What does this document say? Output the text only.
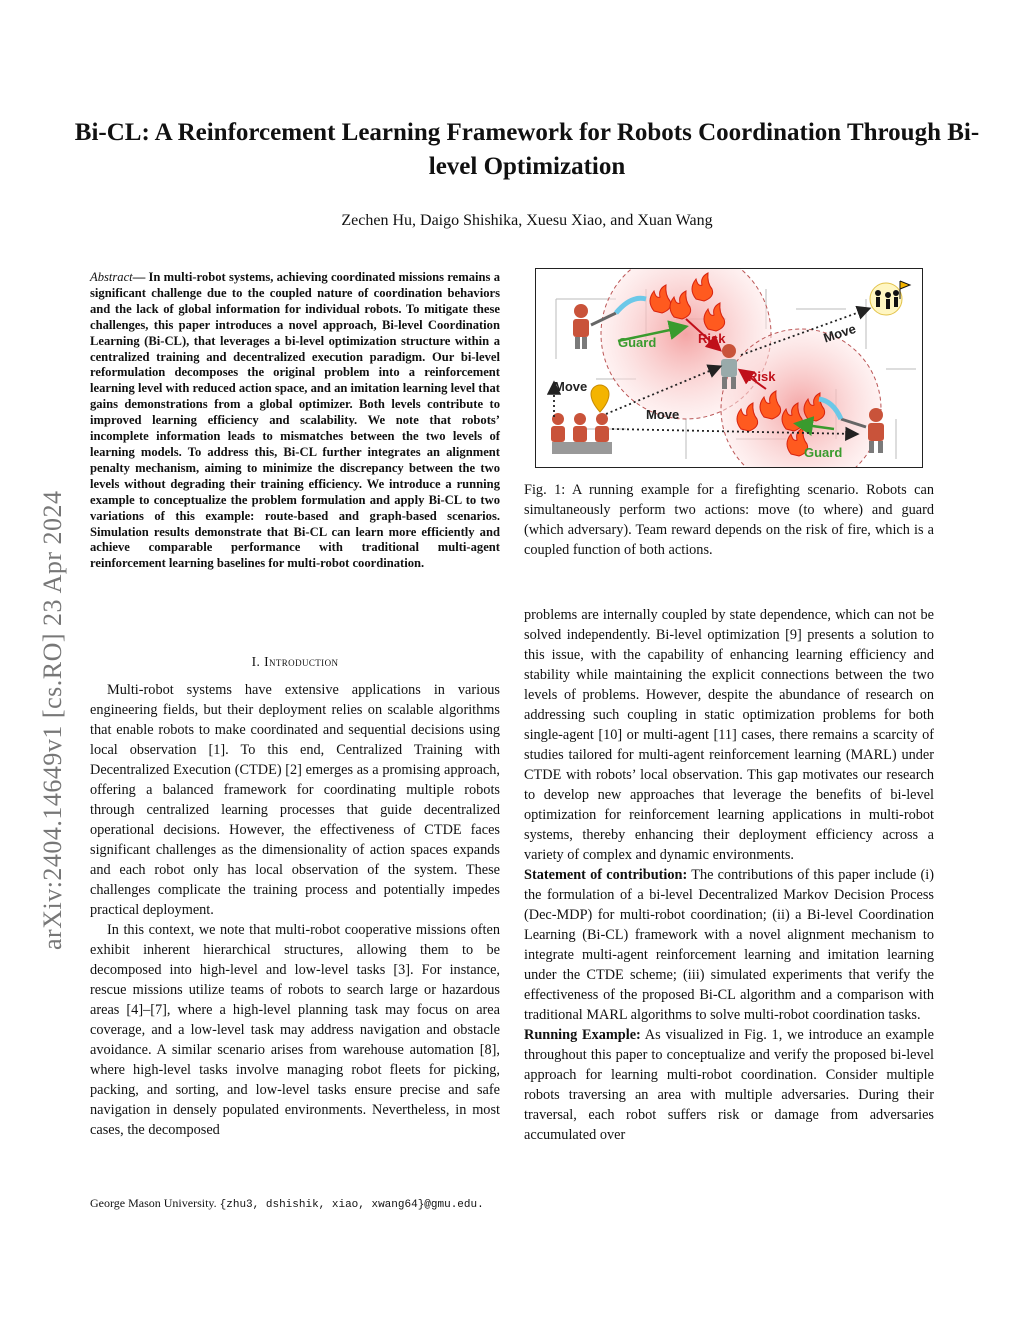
arXiv:2404.14649v1 [cs.RO] 23 Apr 2024
Bi-CL: A Reinforcement Learning Framework for Robots Coordination Through Bi-level Optimization
Zechen Hu, Daigo Shishika, Xuesu Xiao, and Xuan Wang
Abstract— In multi-robot systems, achieving coordinated missions remains a significant challenge due to the coupled nature of coordination behaviors and the lack of global information for individual robots. To mitigate these challenges, this paper introduces a novel approach, Bi-level Coordination Learning (Bi-CL), that leverages a bi-level optimization structure within a centralized training and decentralized execution paradigm. Our bi-level reformulation decomposes the original problem into a reinforcement learning level with reduced action space, and an imitation learning level that gains demonstrations from a global optimizer. Both levels contribute to improved learning efficiency and scalability. We note that robots’ incomplete information leads to mismatches between the two levels of learning models. To address this, Bi-CL further integrates an alignment penalty mechanism, aiming to minimize the discrepancy between the two levels without degrading their training efficiency. We introduce a running example to conceptualize the problem formulation and apply Bi-CL to two variations of this example: route-based and graph-based scenarios. Simulation results demonstrate that Bi-CL can learn more efficiently and achieve comparable performance with traditional multi-agent reinforcement learning baselines for multi-robot coordination.
I. Introduction

Multi-robot systems have extensive applications in various engineering fields, but their deployment relies on scalable algorithms that enable robots to make coordinated and sequential decisions using local observation [1]. To this end, Centralized Training with Decentralized Execution (CTDE) [2] emerges as a promising approach, offering a balanced framework for coordinating multiple robots through centralized learning processes that guide decentralized operational decisions. However, the effectiveness of CTDE faces significant challenges as the dimensionality of action spaces expands and each robot only has local observation of the system. These challenges complicate the training process and potentially impedes practical deployment.

In this context, we note that multi-robot cooperative missions often exhibit inherent hierarchical structures, allowing them to be decomposed into high-level and low-level tasks [3]. For instance, rescue missions utilize teams of robots to search large or hazardous areas [4]–[7], where a high-level planning task may focus on area coverage, and a low-level task may address navigation and obstacle avoidance. A similar scenario arises from warehouse automation [8], where high-level tasks involve managing robot fleets for picking, packing, and sorting, and low-level tasks ensure precise and safe navigation in densely populated environments. Nevertheless, in most cases, the decomposed

George Mason University. {zhu3, dshishik, xiao, xwang64}@gmu.edu.
Guard	Risk
Risk
Move
Move
Move
Guard
Fig. 1: A running example for a firefighting scenario. Robots can simultaneously perform two actions: move (to where) and guard (which adversary). Team reward depends on the risk of fire, which is a coupled function of both actions.

problems are internally coupled by state dependence, which can not be solved independently. Bi-level optimization [9] presents a solution to this issue, with the capability of enhancing learning efficiency and stability while maintaining the explicit connections between the two levels of problems. However, despite the abundance of research on addressing such coupling in static optimization problems for both single-agent [10] or multi-agent [11] cases, there remains a scarcity of studies tailored for multi-agent reinforcement learning (MARL) under CTDE with robots’ local observation. This gap motivates our research to develop new approaches that leverage the benefits of bi-level optimization for reinforcement learning applications in multi-robot systems, thereby enhancing their deployment efficiency across a variety of complex and dynamic environments.

Statement of contribution: The contributions of this paper include (i) the formulation of a bi-level Decentralized Markov Decision Process (Dec-MDP) for multi-robot coordination; (ii) a Bi-level Coordination Learning (Bi-CL) framework with a novel alignment mechanism to integrate multi-agent reinforcement learning and imitation learning under the CTDE scheme; (iii) simulated experiments that verify the effectiveness of the proposed Bi-CL algorithm and a comparison with traditional MARL algorithms to solve multi-robot coordination tasks.

Running Example: As visualized in Fig. 1, we introduce an example throughout this paper to conceptualize and verify the proposed bi-level approach for learning multi-robot coordination. Consider multiple robots traversing an area with multiple adversaries. During their traversal, each robot suffers risk or damage from adversaries accumulated over
